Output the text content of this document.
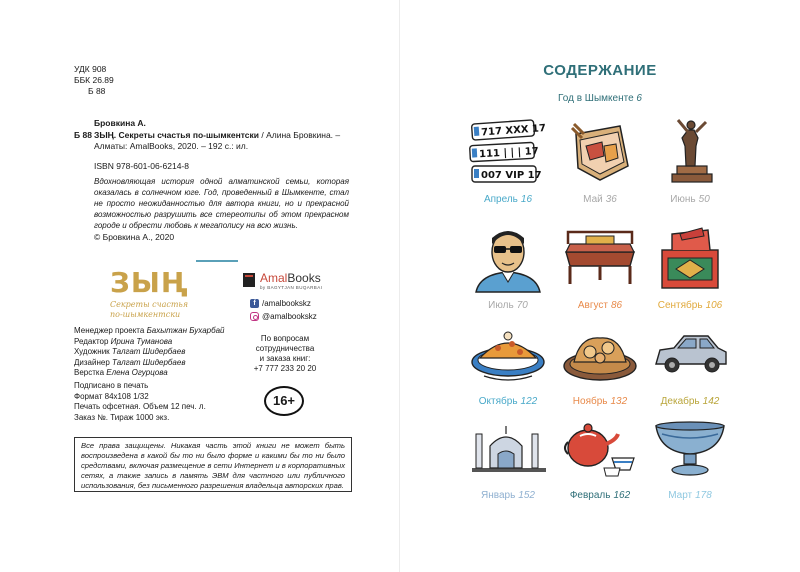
УДК 908
ББК 26.89
Б 88
Бровкина А.
Б 88 ЗЫҢ. Секреты счастья по-шымкентски / Алина Бровкина. – Алматы: AmalBooks, 2020. – 192 с.: ил.
ISBN 978-601-06-6214-8
Вдохновляющая история одной алматинской семьи, которая оказалась в солнечном юге. Год, проведенный в Шымкенте, стал не просто неожиданностью для автора книги, но и прекрасной возможностью разрушить все стереотипы об этом прекрасном городе и обрести любовь к мегаполису на всю жизнь.
© Бровкина А., 2020
ЗЫҢ
Секреты счастья по-шымкентски
AmalBooks
by BAGYTJAN BUQARBAI
f /amalbookskz
@amalbookskz
Менеджер проекта Бахытжан Бухарбай
Редактор Ирина Туманова
Художник Талгат Шидербаев
Дизайнер Талгат Шидербаев
Верстка Елена Огурцова
По вопросам
сотрудничества
и заказа книг:
+7 777 233 20 20
Подписано в печать
Формат 84x108 1/32
Печать офсетная. Объем 12 печ. л.
Заказ №. Тираж 1000 экз.
16+
Все права защищены. Никакая часть этой книги не может быть воспроизведена в какой бы то ни было форме и какими бы то ни было средствами, включая размещение в сети Интернет и в корпоративных сетях, а также запись в память ЭВМ для частного или публичного использования, без письменного разрешения владельца авторских прав.
СОДЕРЖАНИЕ
Год в Шымкенте 6
717 XXX 17
111 | | | 17
007 VIP 17
Апрель 16	Май 36	Июнь 50
Июль 70	Август 86	Сентябрь 106
Октябрь 122	Ноябрь 132	Декабрь 142
Январь 152	Февраль 162	Март 178
